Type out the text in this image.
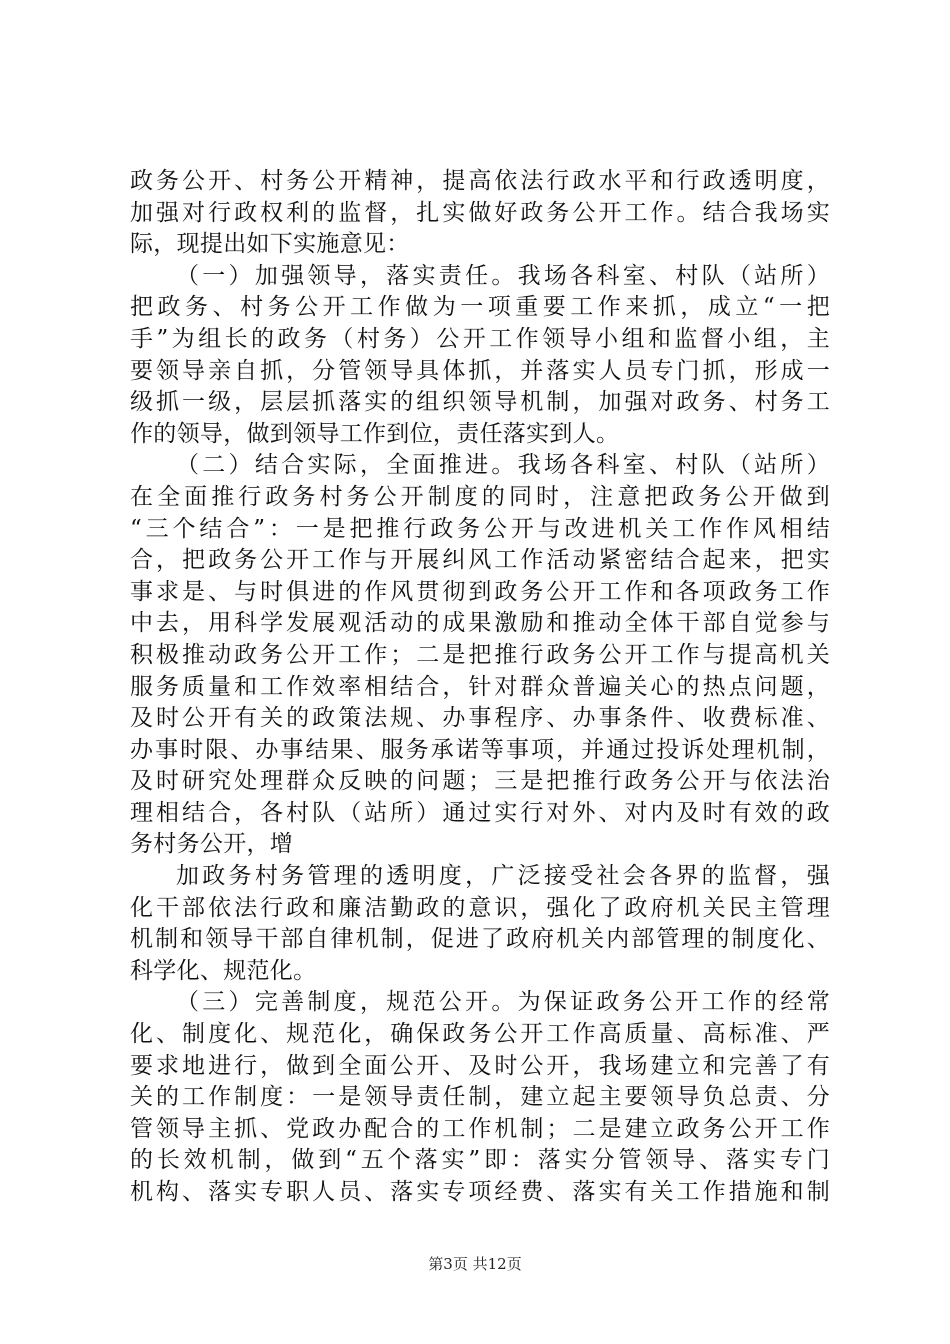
政务公开、村务公开精神，提高依法行政水平和行政透明度，
加强对行政权利的监督，扎实做好政务公开工作。结合我场实
际，现提出如下实施意见：
（一）加强领导，落实责任。我场各科室、村队（站所）
把政务、村务公开工作做为一项重要工作来抓，成立“一把
手”为组长的政务（村务）公开工作领导小组和监督小组，主
要领导亲自抓，分管领导具体抓，并落实人员专门抓，形成一
级抓一级，层层抓落实的组织领导机制，加强对政务、村务工
作的领导，做到领导工作到位，责任落实到人。
（二）结合实际，全面推进。我场各科室、村队（站所）
在全面推行政务村务公开制度的同时，注意把政务公开做到
“三个结合”：一是把推行政务公开与改进机关工作作风相结
合，把政务公开工作与开展纠风工作活动紧密结合起来，把实
事求是、与时俱进的作风贯彻到政务公开工作和各项政务工作
中去，用科学发展观活动的成果激励和推动全体干部自觉参与
积极推动政务公开工作；二是把推行政务公开工作与提高机关
服务质量和工作效率相结合，针对群众普遍关心的热点问题，
及时公开有关的政策法规、办事程序、办事条件、收费标准、
办事时限、办事结果、服务承诺等事项，并通过投诉处理机制，
及时研究处理群众反映的问题；三是把推行政务公开与依法治
理相结合，各村队（站所）通过实行对外、对内及时有效的政
务村务公开，增
加政务村务管理的透明度，广泛接受社会各界的监督，强
化干部依法行政和廉洁勤政的意识，强化了政府机关民主管理
机制和领导干部自律机制，促进了政府机关内部管理的制度化、
科学化、规范化。
（三）完善制度，规范公开。为保证政务公开工作的经常
化、制度化、规范化，确保政务公开工作高质量、高标准、严
要求地进行，做到全面公开、及时公开，我场建立和完善了有
关的工作制度：一是领导责任制，建立起主要领导负总责、分
管领导主抓、党政办配合的工作机制；二是建立政务公开工作
的长效机制，做到“五个落实”即：落实分管领导、落实专门
机构、落实专职人员、落实专项经费、落实有关工作措施和制
第3页 共12页
